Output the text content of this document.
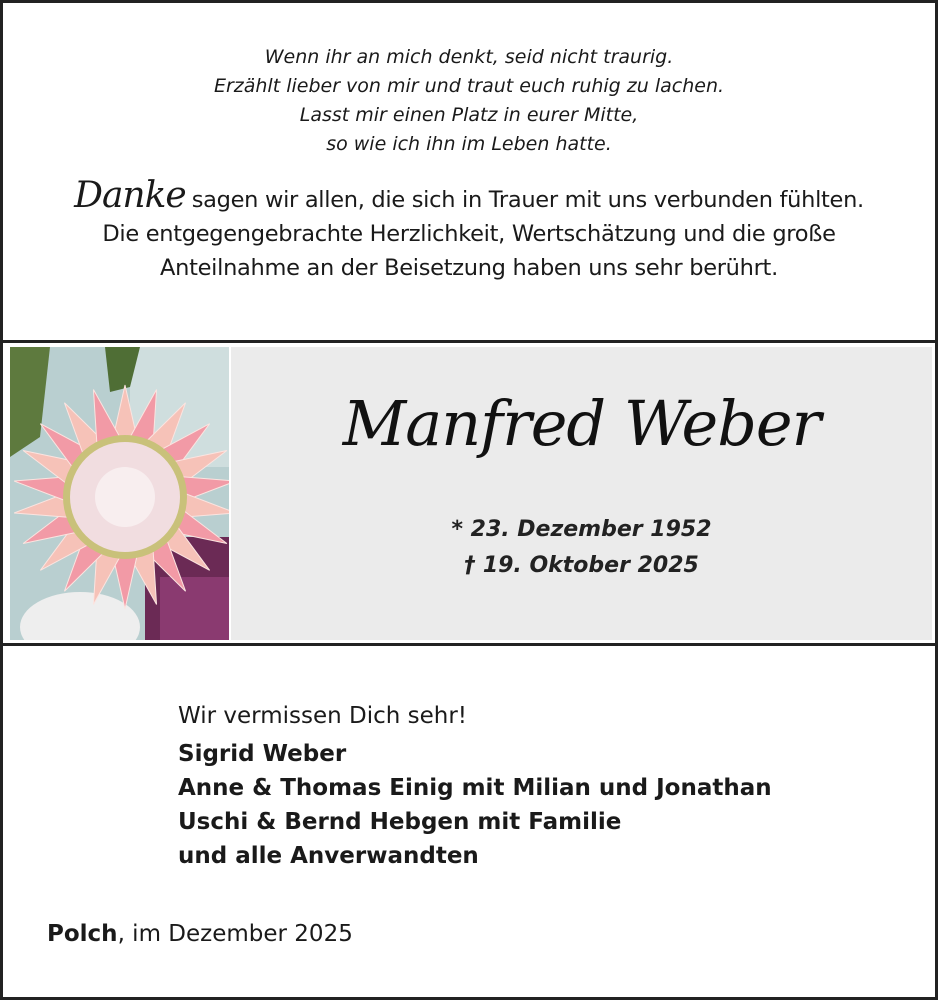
Wenn ihr an mich denkt, seid nicht traurig.
Erzählt lieber von mir und traut euch ruhig zu lachen.
Lasst mir einen Platz in eurer Mitte,
so wie ich ihn im Leben hatte.
Danke sagen wir allen, die sich in Trauer mit uns verbunden fühlten.
Die entgegengebrachte Herzlichkeit, Wertschätzung und die große
Anteilnahme an der Beisetzung haben uns sehr berührt.
Manfred Weber
* 23. Dezember 1952
† 19. Oktober 2025
Wir vermissen Dich sehr!
Sigrid Weber
Anne & Thomas Einig mit Milian und Jonathan
Uschi & Bernd Hebgen mit Familie
und alle Anverwandten
Polch, im Dezember 2025
